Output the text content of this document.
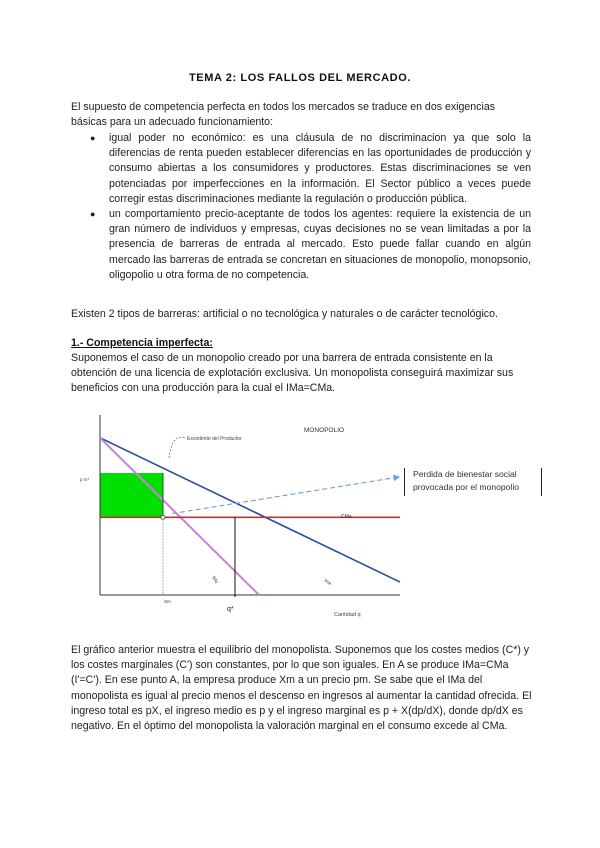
TEMA 2: LOS FALLOS DEL MERCADO.
El supuesto de competencia perfecta en todos los mercados se traduce en dos exigencias básicas para un adecuado funcionamiento:
● igual poder no económico: es una cláusula de no discriminacion ya que solo la diferencias de renta pueden establecer diferencias en las oportunidades de producción y consumo abiertas a los consumidores y productores. Estas discriminaciones se ven potenciadas por imperfecciones en la información. El Sector público a veces puede corregir estas discriminaciones mediante la regulación o producción pública.
● un comportamiento precio-aceptante de todos los agentes: requiere la existencia de un gran número de individuos y empresas, cuyas decisiones no se vean limitadas a por la presencia de barreras de entrada al mercado. Esto puede fallar cuando en algún mercado las barreras de entrada se concretan en situaciones de monopolio, monopsonio, oligopolio u otra forma de no competencia.
Existen 2 tipos de barreras: artificial o no tecnológica y naturales o de carácter tecnológico.
1.- Competencia imperfecta:
Suponemos el caso de un monopolio creado por una barrera de entrada consistente en la obtención de una licencia de explotación exclusiva. Un monopolista conseguirá maximizar sus beneficios con una producción para la cual el IMa=CMa.
MONOPOLIO
Excedente del Productor
p m*
Ime
IMa
CMa
Xm
q*
Cantidad q
Perdida de bienestar social
provocada por el monopolio
El gráfico anterior muestra el equilibrio del monopolista. Suponemos que los costes medios (C*) y los costes marginales (C') son constantes, por lo que son iguales. En A se produce IMa=CMa (I'=C'). En ese punto A, la empresa produce Xm a un precio pm. Se sabe que el IMa del monopolista es igual al precio menos el descenso en ingresos al aumentar la cantidad ofrecida. El ingreso total es pX, el ingreso medio es p y el ingreso marginal es p + X(dp/dX), donde dp/dX es negativo. En el óptimo del monopolista la valoración marginal en el consumo excede al CMa.
